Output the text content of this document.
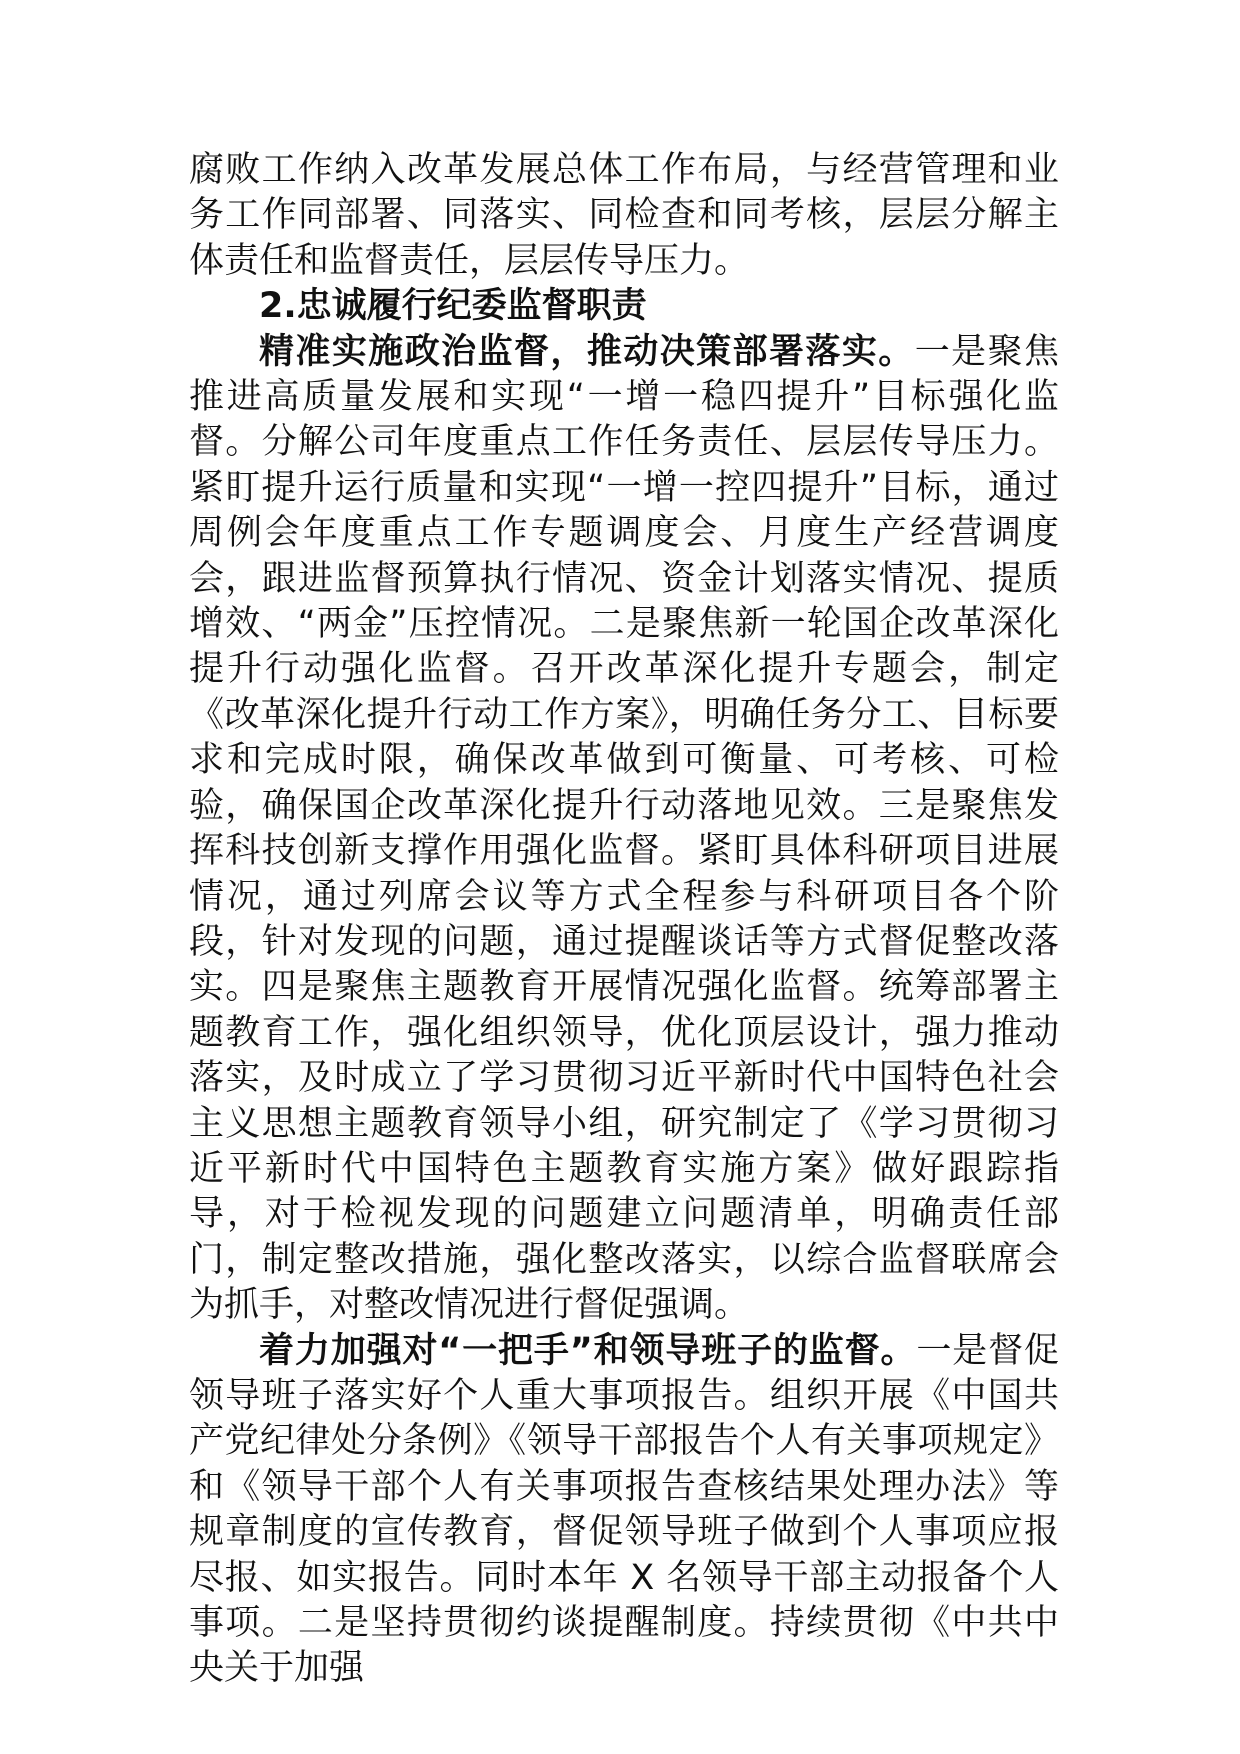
腐败工作纳入改革发展总体工作布局，与经营管理和业务工作同部署、同落实、同检查和同考核，层层分解主体责任和监督责任，层层传导压力。

2.忠诚履行纪委监督职责

精准实施政治监督，推动决策部署落实。一是聚焦推进高质量发展和实现“一增一稳四提升”目标强化监督。分解公司年度重点工作任务责任、层层传导压力。紧盯提升运行质量和实现“一增一控四提升”目标，通过周例会年度重点工作专题调度会、月度生产经营调度会，跟进监督预算执行情况、资金计划落实情况、提质增效、“两金”压控情况。二是聚焦新一轮国企改革深化提升行动强化监督。召开改革深化提升专题会，制定《改革深化提升行动工作方案》，明确任务分工、目标要求和完成时限，确保改革做到可衡量、可考核、可检验，确保国企改革深化提升行动落地见效。三是聚焦发挥科技创新支撑作用强化监督。紧盯具体科研项目进展情况，通过列席会议等方式全程参与科研项目各个阶段，针对发现的问题，通过提醒谈话等方式督促整改落实。四是聚焦主题教育开展情况强化监督。统筹部署主题教育工作，强化组织领导，优化顶层设计，强力推动落实，及时成立了学习贯彻习近平新时代中国特色社会主义思想主题教育领导小组，研究制定了《学习贯彻习近平新时代中国特色主题教育实施方案》做好跟踪指导，对于检视发现的问题建立问题清单，明确责任部门，制定整改措施，强化整改落实，以综合监督联席会为抓手，对整改情况进行督促强调。

着力加强对“一把手”和领导班子的监督。一是督促领导班子落实好个人重大事项报告。组织开展《中国共产党纪律处分条例》《领导干部报告个人有关事项规定》和《领导干部个人有关事项报告查核结果处理办法》等规章制度的宣传教育，督促领导班子做到个人事项应报尽报、如实报告。同时本年 X 名领导干部主动报备个人事项。二是坚持贯彻约谈提醒制度。持续贯彻《中共中央关于加强
